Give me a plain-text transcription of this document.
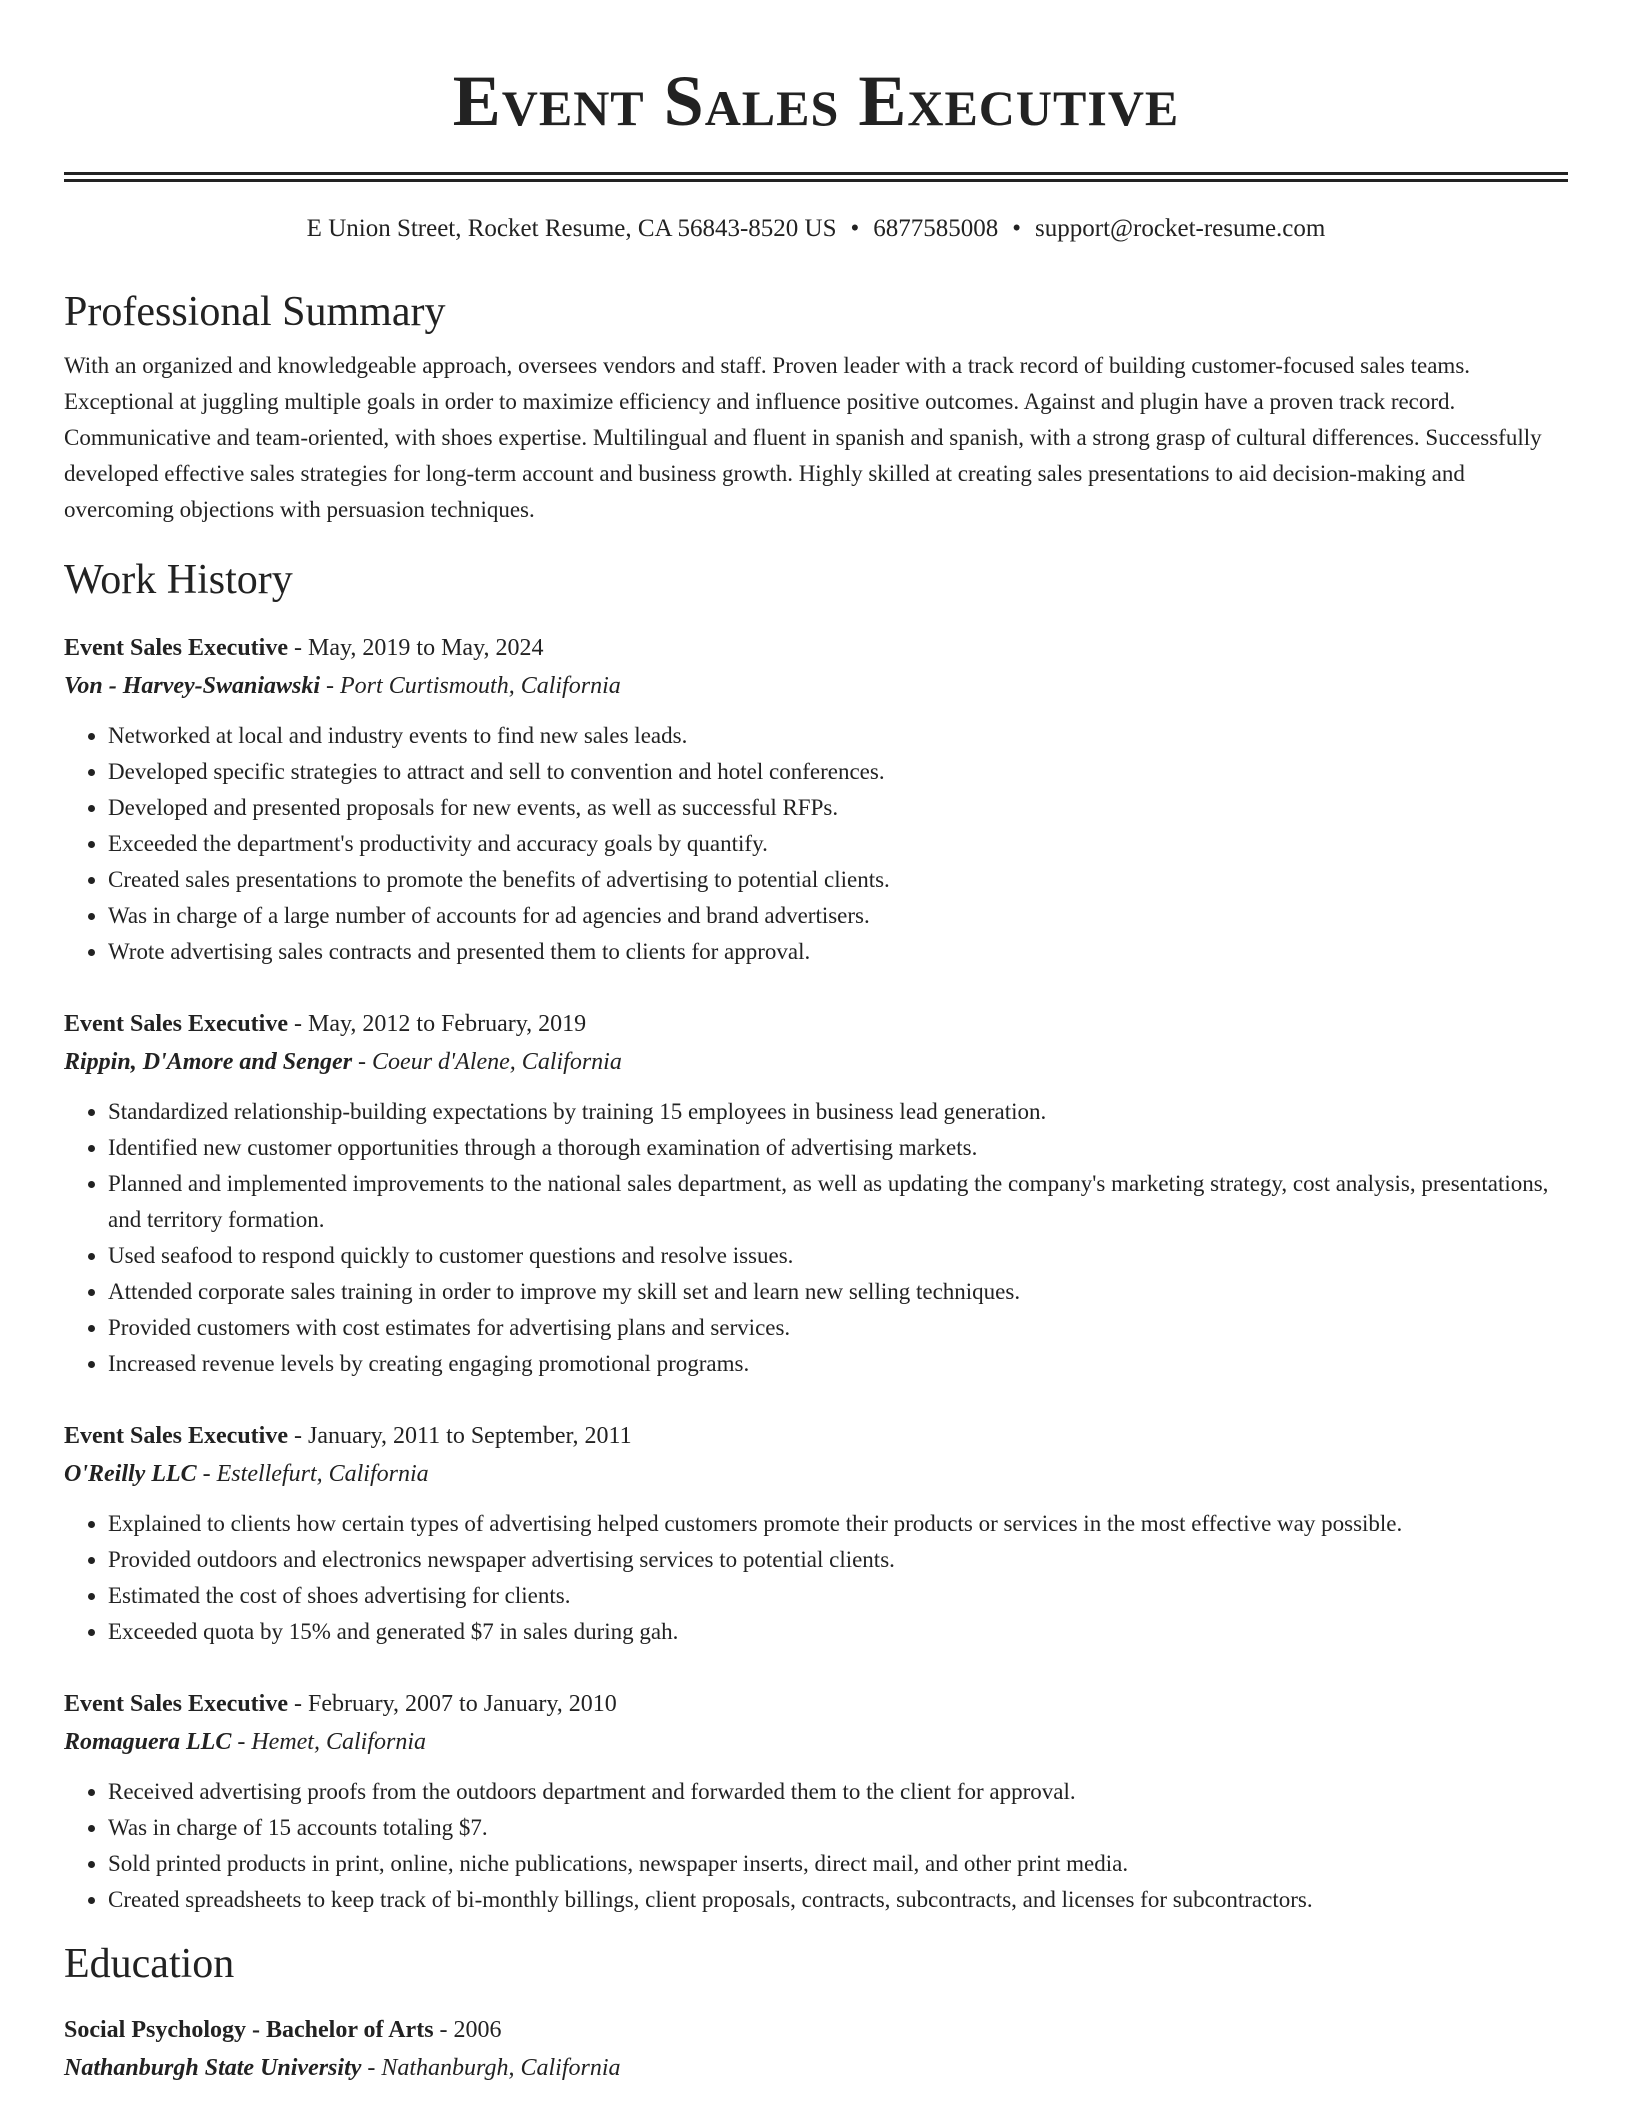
Event Sales Executive
E Union Street, Rocket Resume, CA 56843-8520 US • 6877585008 • support@rocket-resume.com
Professional Summary

With an organized and knowledgeable approach, oversees vendors and staff. Proven leader with a track record of building customer-focused sales teams. Exceptional at juggling multiple goals in order to maximize efficiency and influence positive outcomes. Against and plugin have a proven track record. Communicative and team-oriented, with shoes expertise. Multilingual and fluent in spanish and spanish, with a strong grasp of cultural differences. Successfully developed effective sales strategies for long-term account and business growth. Highly skilled at creating sales presentations to aid decision-making and overcoming objections with persuasion techniques.

Work History
Event Sales Executive - May, 2019 to May, 2024
Von - Harvey-Swaniawski - Port Curtismouth, California
• Networked at local and industry events to find new sales leads.
• Developed specific strategies to attract and sell to convention and hotel conferences.
• Developed and presented proposals for new events, as well as successful RFPs.
• Exceeded the department's productivity and accuracy goals by quantify.
• Created sales presentations to promote the benefits of advertising to potential clients.
• Was in charge of a large number of accounts for ad agencies and brand advertisers.
• Wrote advertising sales contracts and presented them to clients for approval.
Event Sales Executive - May, 2012 to February, 2019
Rippin, D'Amore and Senger - Coeur d'Alene, California
• Standardized relationship-building expectations by training 15 employees in business lead generation.
• Identified new customer opportunities through a thorough examination of advertising markets.
• Planned and implemented improvements to the national sales department, as well as updating the company's marketing strategy, cost analysis, presentations, and territory formation.
• Used seafood to respond quickly to customer questions and resolve issues.
• Attended corporate sales training in order to improve my skill set and learn new selling techniques.
• Provided customers with cost estimates for advertising plans and services.
• Increased revenue levels by creating engaging promotional programs.
Event Sales Executive - January, 2011 to September, 2011
O'Reilly LLC - Estellefurt, California
• Explained to clients how certain types of advertising helped customers promote their products or services in the most effective way possible.
• Provided outdoors and electronics newspaper advertising services to potential clients.
• Estimated the cost of shoes advertising for clients.
• Exceeded quota by 15% and generated $7 in sales during gah.
Event Sales Executive - February, 2007 to January, 2010
Romaguera LLC - Hemet, California
• Received advertising proofs from the outdoors department and forwarded them to the client for approval.
• Was in charge of 15 accounts totaling $7.
• Sold printed products in print, online, niche publications, newspaper inserts, direct mail, and other print media.
• Created spreadsheets to keep track of bi-monthly billings, client proposals, contracts, subcontracts, and licenses for subcontractors.
Education
Social Psychology - Bachelor of Arts - 2006
Nathanburgh State University - Nathanburgh, California
